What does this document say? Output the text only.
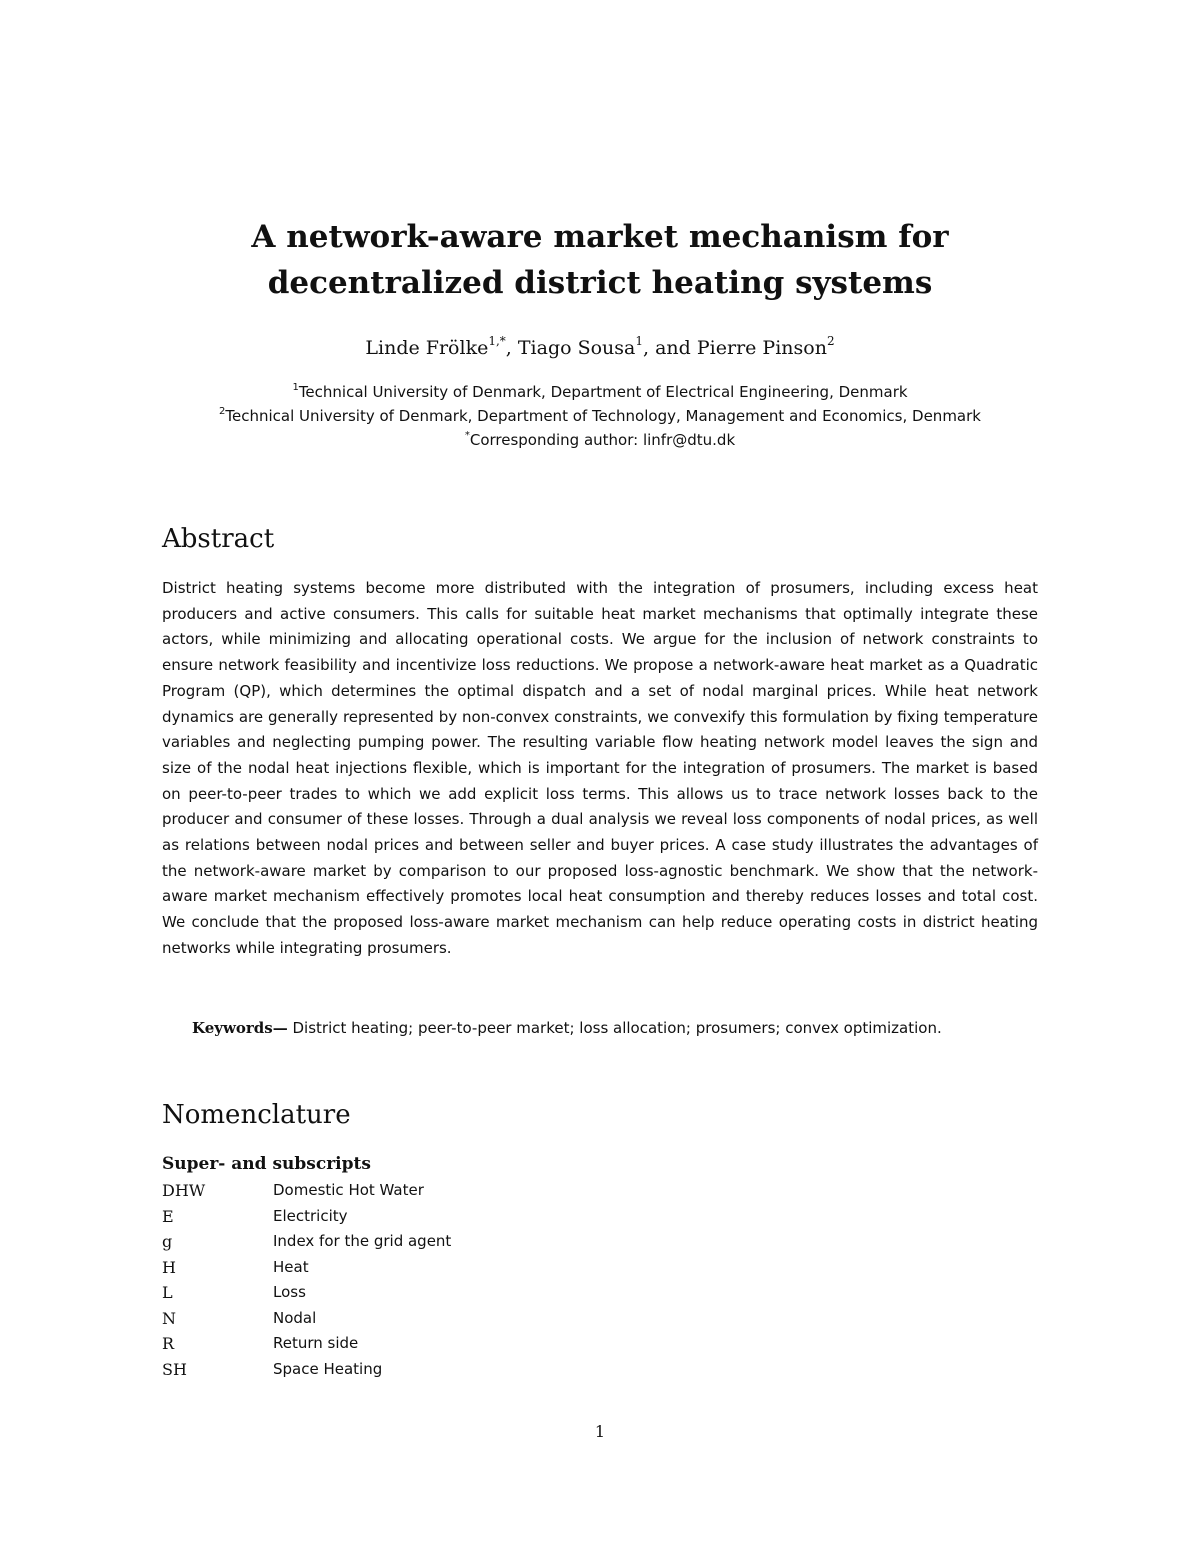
A network-aware market mechanism for
decentralized district heating systems
Linde Frölke$^{1,*}$, Tiago Sousa$^1$, and Pierre Pinson$^2$
$^1$Technical University of Denmark, Department of Electrical Engineering, Denmark
$^2$Technical University of Denmark, Department of Technology, Management and Economics, Denmark
*Corresponding author: linfr@dtu.dk
Abstract

District heating systems become more distributed with the integration of prosumers, including excess heat producers and active consumers. This calls for suitable heat market mechanisms that optimally integrate these actors, while minimizing and allocating operational costs. We argue for the inclusion of network constraints to ensure network feasibility and incentivize loss reductions. We propose a network-aware heat market as a Quadratic Program (QP), which determines the optimal dispatch and a set of nodal marginal prices. While heat network dynamics are generally represented by non-convex constraints, we convexify this formulation by fixing temperature variables and neglecting pumping power. The resulting variable flow heating network model leaves the sign and size of the nodal heat injections flexible, which is important for the integration of prosumers. The market is based on peer-to-peer trades to which we add explicit loss terms. This allows us to trace network losses back to the producer and consumer of these losses. Through a dual analysis we reveal loss components of nodal prices, as well as relations between nodal prices and between seller and buyer prices. A case study illustrates the advantages of the network-aware market by comparison to our proposed loss-agnostic benchmark. We show that the network-aware market mechanism effectively promotes local heat consumption and thereby reduces losses and total cost. We conclude that the proposed loss-aware market mechanism can help reduce operating costs in district heating networks while integrating prosumers.

Keywords— District heating; peer-to-peer market; loss allocation; prosumers; convex optimization.

Nomenclature
Super- and subscripts
DHW	Domestic Hot Water
E	Electricity
g	Index for the grid agent
H	Heat
L	Loss
N	Nodal
R	Return side
SH	Space Heating
1
